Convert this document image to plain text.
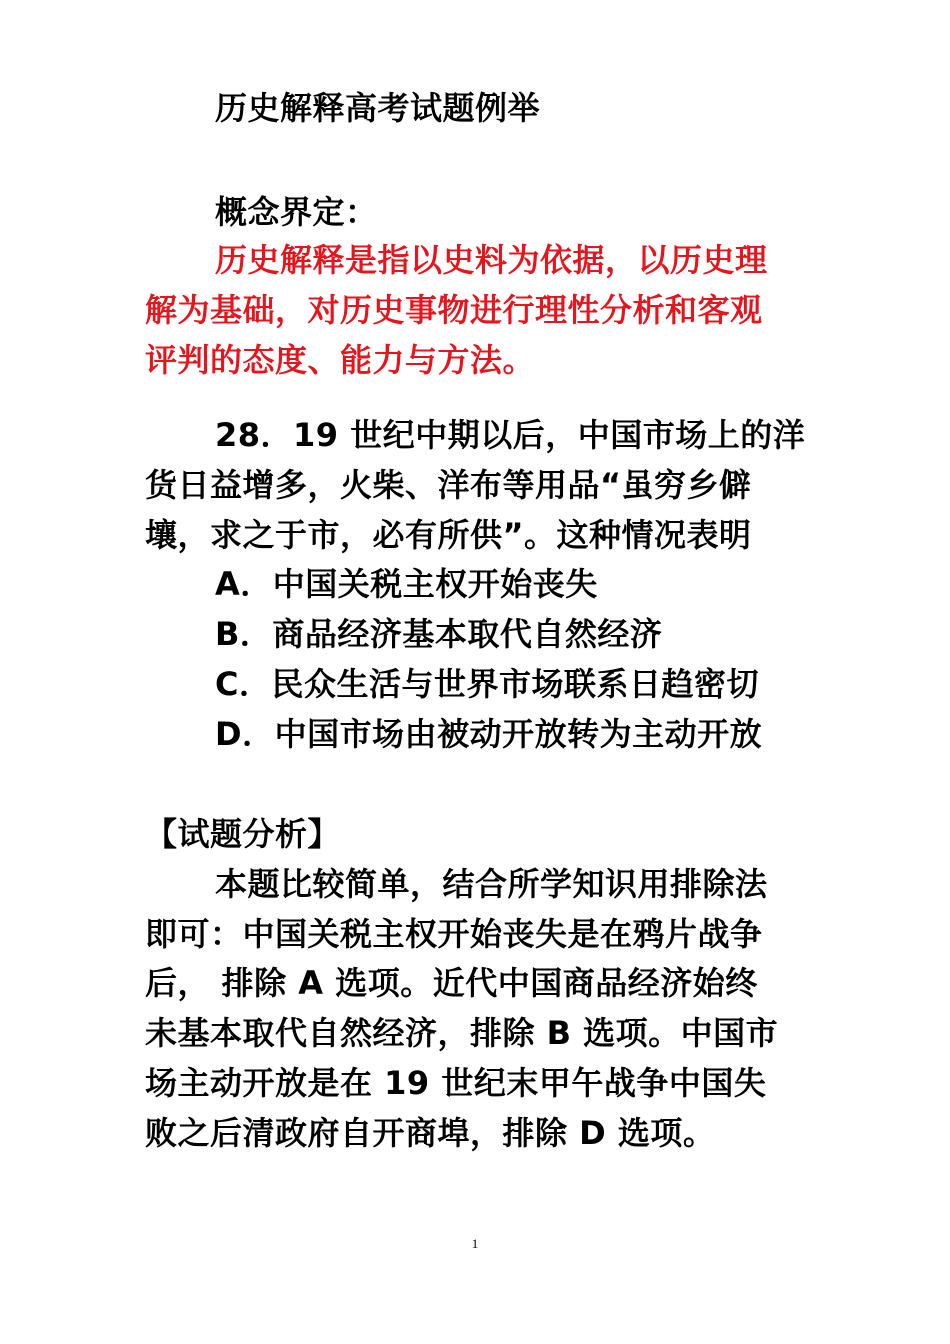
历史解释高考试题例举
概念界定：
历史解释是指以史料为依据，以历史理
解为基础，对历史事物进行理性分析和客观
评判的态度、能力与方法。
28．19 世纪中期以后，中国市场上的洋
货日益增多，火柴、洋布等用品“虽穷乡僻
壤，求之于市，必有所供”。这种情况表明
A．中国关税主权开始丧失
B．商品经济基本取代自然经济
C．民众生活与世界市场联系日趋密切
D．中国市场由被动开放转为主动开放
【试题分析】
本题比较简单，结合所学知识用排除法
即可：中国关税主权开始丧失是在鸦片战争
后， 排除 A 选项。近代中国商品经济始终
未基本取代自然经济，排除 B 选项。中国市
场主动开放是在 19 世纪末甲午战争中国失
败之后清政府自开商埠，排除 D 选项。
1
